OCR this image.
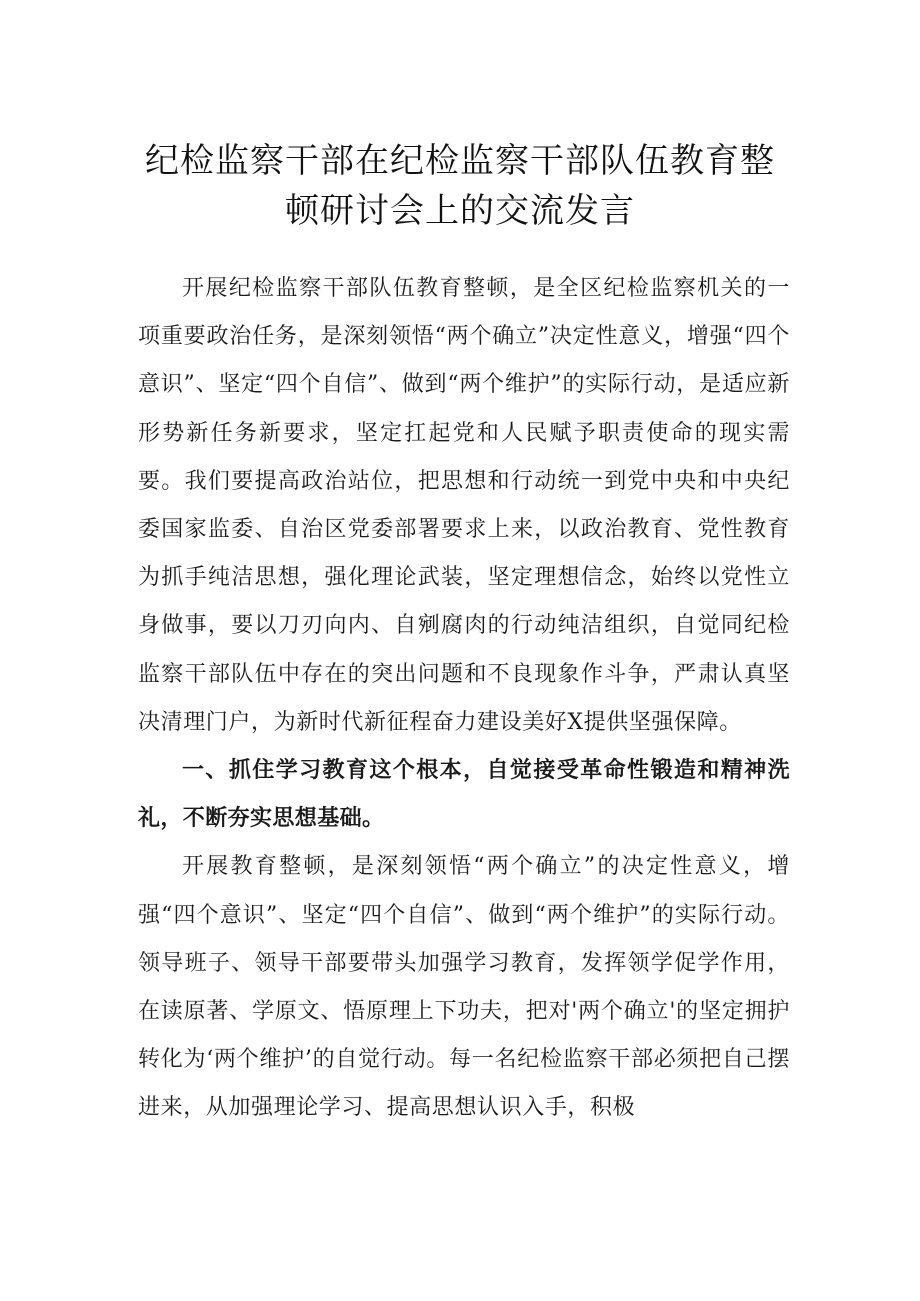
纪检监察干部在纪检监察干部队伍教育整
顿研讨会上的交流发言

开展纪检监察干部队伍教育整顿，是全区纪检监察机关的一项重要政治任务，是深刻领悟“两个确立”决定性意义，增强“四个意识”、坚定“四个自信”、做到“两个维护”的实际行动，是适应新形势新任务新要求，坚定扛起党和人民赋予职责使命的现实需要。我们要提高政治站位，把思想和行动统一到党中央和中央纪委国家监委、自治区党委部署要求上来，以政治教育、党性教育为抓手纯洁思想，强化理论武装，坚定理想信念，始终以党性立身做事，要以刀刃向内、自剜腐肉的行动纯洁组织，自觉同纪检监察干部队伍中存在的突出问题和不良现象作斗争，严肃认真坚决清理门户，为新时代新征程奋力建设美好X提供坚强保障。

一、抓住学习教育这个根本，自觉接受革命性锻造和精神洗礼，不断夯实思想基础。

开展教育整顿，是深刻领悟“两个确立”的决定性意义，增强“四个意识”、坚定“四个自信”、做到“两个维护”的实际行动。领导班子、领导干部要带头加强学习教育，发挥领学促学作用，在读原著、学原文、悟原理上下功夫，把对'两个确立'的坚定拥护转化为‘两个维护’的自觉行动。每一名纪检监察干部必须把自己摆进来，从加强理论学习、提高思想认识入手，积极
